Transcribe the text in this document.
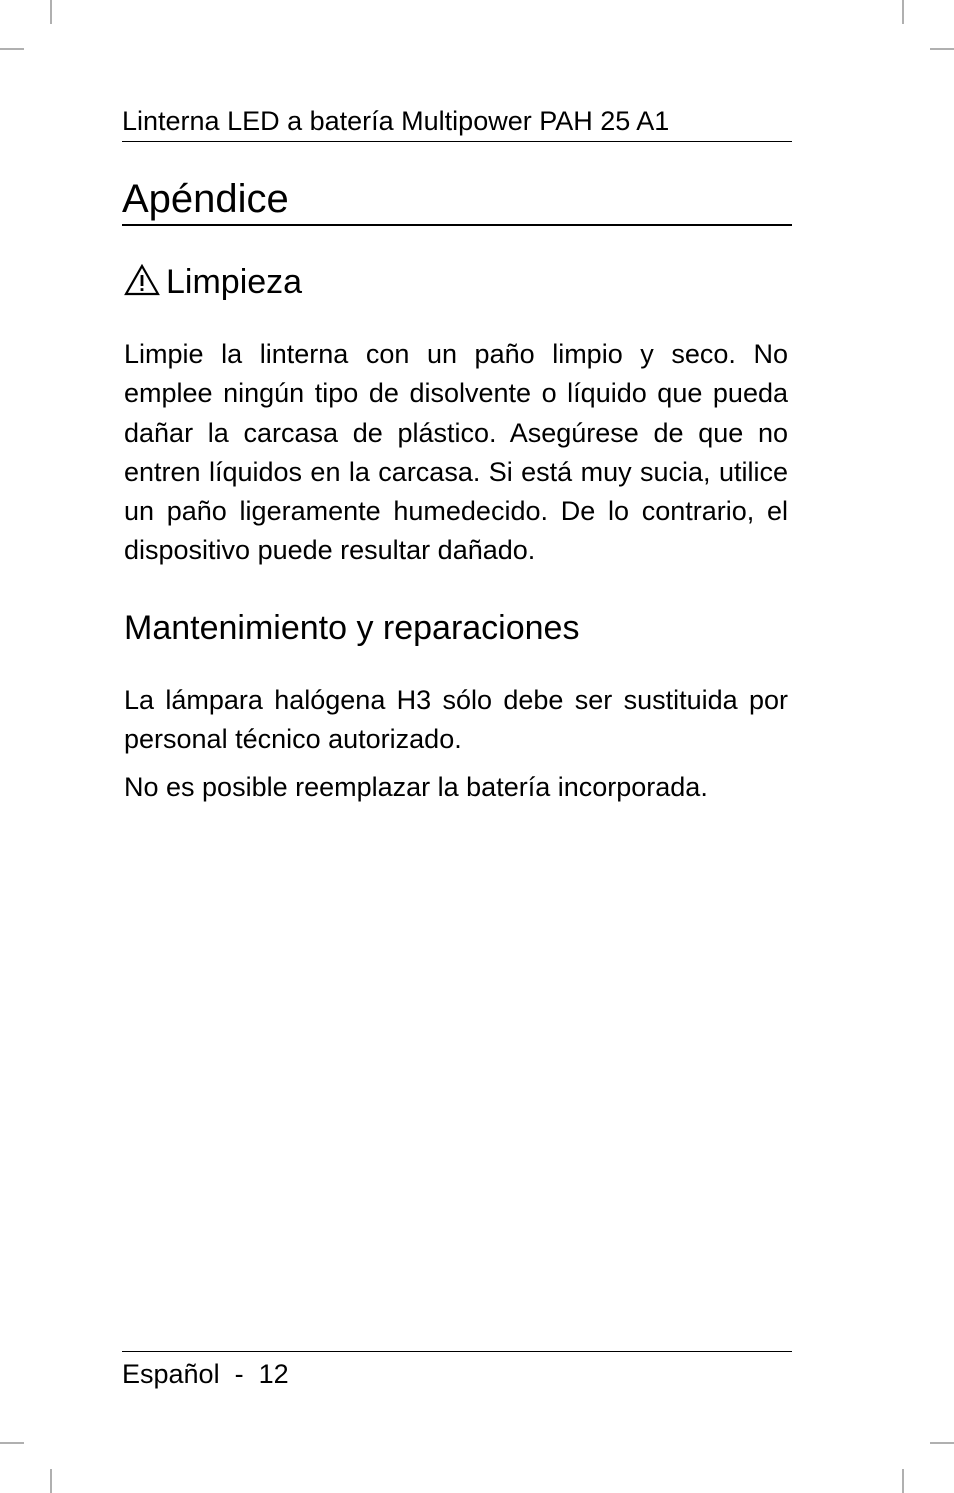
Linterna LED a batería Multipower PAH 25 A1
Apéndice
Limpieza

Limpie la linterna con un paño limpio y seco. No emplee ningún tipo de disolvente o líquido que pueda dañar la carcasa de plástico. Asegúrese de que no entren líquidos en la carcasa. Si está muy sucia, utilice un paño ligeramente humedecido. De lo contrario, el dispositivo puede resultar dañado.

Mantenimiento y reparaciones

La lámpara halógena H3 sólo debe ser sustituida por personal técnico autorizado.

No es posible reemplazar la batería incorporada.

Español - 12
